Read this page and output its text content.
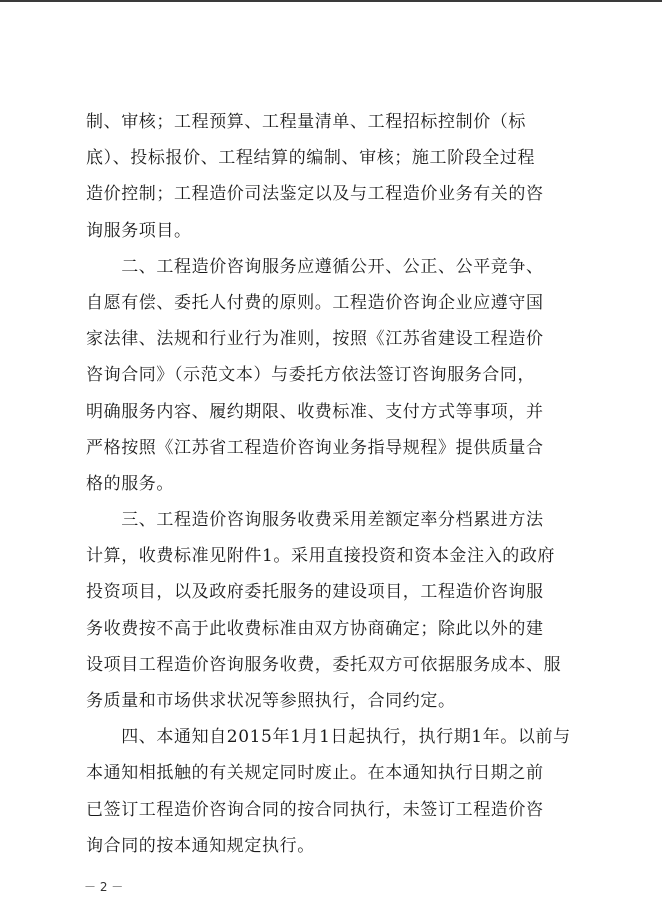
制、审核；工程预算、工程量清单、工程招标控制价（标
底）、投标报价、工程结算的编制、审核；施工阶段全过程
造价控制；工程造价司法鉴定以及与工程造价业务有关的咨
询服务项目。
　　二、工程造价咨询服务应遵循公开、公正、公平竞争、
自愿有偿、委托人付费的原则。工程造价咨询企业应遵守国
家法律、法规和行业行为准则，按照《江苏省建设工程造价
咨询合同》（示范文本）与委托方依法签订咨询服务合同，
明确服务内容、履约期限、收费标准、支付方式等事项，并
严格按照《江苏省工程造价咨询业务指导规程》提供质量合
格的服务。
　　三、工程造价咨询服务收费采用差额定率分档累进方法
计算，收费标准见附件1。采用直接投资和资本金注入的政府
投资项目，以及政府委托服务的建设项目，工程造价咨询服
务收费按不高于此收费标准由双方协商确定；除此以外的建
设项目工程造价咨询服务收费，委托双方可依据服务成本、服
务质量和市场供求状况等参照执行，合同约定。
　　四、本通知自2015年1月1日起执行，执行期1年。以前与
本通知相抵触的有关规定同时废止。在本通知执行日期之前
已签订工程造价咨询合同的按合同执行，未签订工程造价咨
询合同的按本通知规定执行。
－ 2 －
